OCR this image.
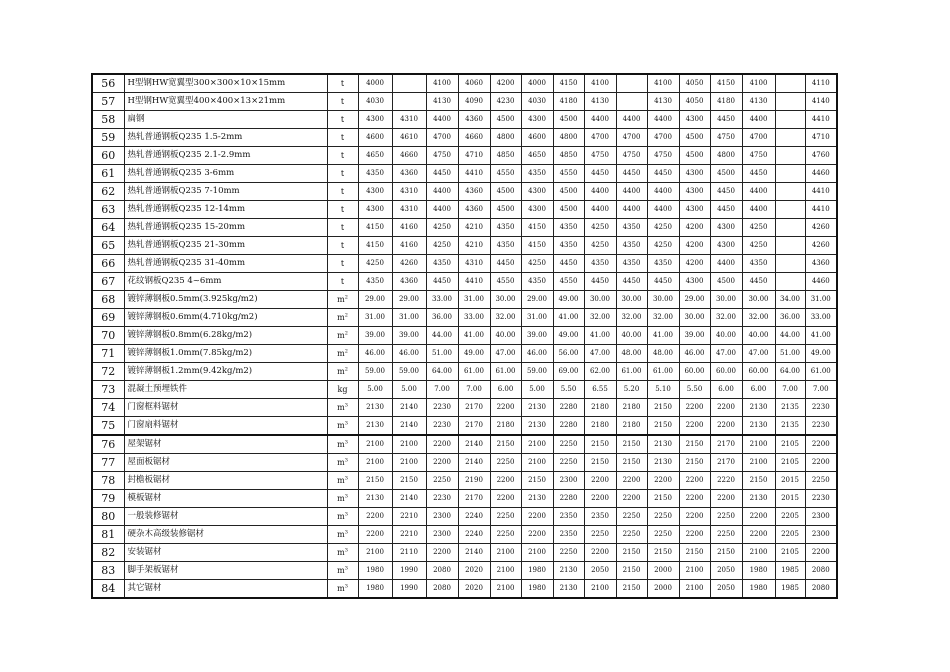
56	H型钢HW宽翼型300×300×10×15mm	t	4000		4100	4060	4200	4000	4150	4100		4100	4050	4150	4100		4110
57	H型钢HW宽翼型400×400×13×21mm	t	4030		4130	4090	4230	4030	4180	4130		4130	4050	4180	4130		4140
58	扁钢	t	4300	4310	4400	4360	4500	4300	4500	4400	4400	4400	4300	4450	4400		4410
59	热轧普通钢板Q235 1.5-2mm	t	4600	4610	4700	4660	4800	4600	4800	4700	4700	4700	4500	4750	4700		4710
60	热轧普通钢板Q235 2.1-2.9mm	t	4650	4660	4750	4710	4850	4650	4850	4750	4750	4750	4500	4800	4750		4760
61	热轧普通钢板Q235 3-6mm	t	4350	4360	4450	4410	4550	4350	4550	4450	4450	4450	4300	4500	4450		4460
62	热轧普通钢板Q235 7-10mm	t	4300	4310	4400	4360	4500	4300	4500	4400	4400	4400	4300	4450	4400		4410
63	热轧普通钢板Q235 12-14mm	t	4300	4310	4400	4360	4500	4300	4500	4400	4400	4400	4300	4450	4400		4410
64	热轧普通钢板Q235 15-20mm	t	4150	4160	4250	4210	4350	4150	4350	4250	4350	4250	4200	4300	4250		4260
65	热轧普通钢板Q235 21-30mm	t	4150	4160	4250	4210	4350	4150	4350	4250	4350	4250	4200	4300	4250		4260
66	热轧普通钢板Q235 31-40mm	t	4250	4260	4350	4310	4450	4250	4450	4350	4350	4350	4200	4400	4350		4360
67	花纹钢板Q235 4~6mm	t	4350	4360	4450	4410	4550	4350	4550	4450	4450	4450	4300	4500	4450		4460
68	镀锌薄钢板0.5mm(3.925kg/m2)	$m^2$	29.00	29.00	33.00	31.00	30.00	29.00	49.00	30.00	30.00	30.00	29.00	30.00	30.00	34.00	31.00
69	镀锌薄钢板0.6mm(4.710kg/m2)	$m^2$	31.00	31.00	36.00	33.00	32.00	31.00	41.00	32.00	32.00	32.00	30.00	32.00	32.00	36.00	33.00
70	镀锌薄钢板0.8mm(6.28kg/m2)	$m^2$	39.00	39.00	44.00	41.00	40.00	39.00	49.00	41.00	40.00	41.00	39.00	40.00	40.00	44.00	41.00
71	镀锌薄钢板1.0mm(7.85kg/m2)	$m^2$	46.00	46.00	51.00	49.00	47.00	46.00	56.00	47.00	48.00	48.00	46.00	47.00	47.00	51.00	49.00
72	镀锌薄钢板1.2mm(9.42kg/m2)	$m^2$	59.00	59.00	64.00	61.00	61.00	59.00	69.00	62.00	61.00	61.00	60.00	60.00	60.00	64.00	61.00
73	混凝土预埋铁件	kg	5.00	5.00	7.00	7.00	6.00	5.00	5.50	6.55	5.20	5.10	5.50	6.00	6.00	7.00	7.00
74	门窗框料锯材	$m^3$	2130	2140	2230	2170	2200	2130	2280	2180	2180	2150	2200	2200	2130	2135	2230
75	门窗扇料锯材	$m^3$	2130	2140	2230	2170	2180	2130	2280	2180	2180	2150	2200	2200	2130	2135	2230
76	屋架锯材	$m^3$	2100	2100	2200	2140	2150	2100	2250	2150	2150	2130	2150	2170	2100	2105	2200
77	屋面板锯材	$m^3$	2100	2100	2200	2140	2250	2100	2250	2150	2150	2130	2150	2170	2100	2105	2200
78	封檐板锯材	$m^3$	2150	2150	2250	2190	2200	2150	2300	2200	2200	2200	2200	2220	2150	2015	2250
79	模板锯材	$m^3$	2130	2140	2230	2170	2200	2130	2280	2200	2200	2150	2200	2200	2130	2015	2230
80	一般装修锯材	$m^3$	2200	2210	2300	2240	2250	2200	2350	2350	2250	2250	2200	2250	2200	2205	2300
81	硬杂木高级装修锯材	$m^3$	2200	2210	2300	2240	2250	2200	2350	2250	2250	2250	2200	2250	2200	2205	2300
82	安装锯材	$m^3$	2100	2110	2200	2140	2100	2100	2250	2200	2150	2150	2150	2150	2100	2105	2200
83	脚手架板锯材	$m^3$	1980	1990	2080	2020	2100	1980	2130	2050	2150	2000	2100	2050	1980	1985	2080
84	其它锯材	$m^3$	1980	1990	2080	2020	2100	1980	2130	2100	2150	2000	2100	2050	1980	1985	2080
